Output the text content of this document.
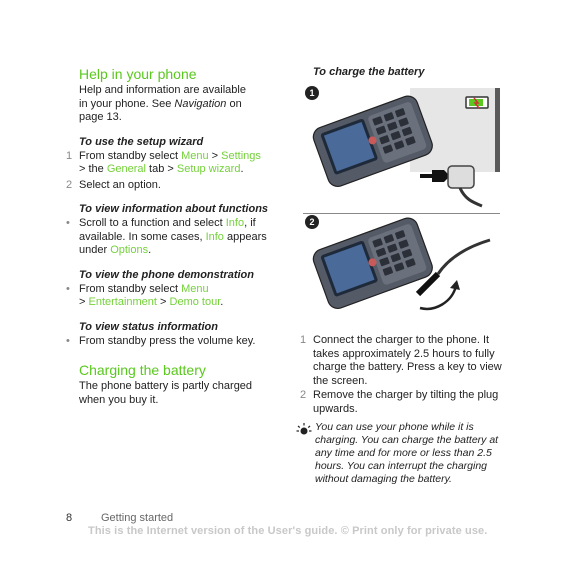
Help in your phone

Help and information are available
in your phone. See Navigation on
page 13.

To use the setup wizard

1 From standby select Menu > Settings
> the General tab > Setup wizard.
2 Select an option.

To view information about functions

• Scroll to a function and select Info, if
available. In some cases, Info appears
under Options.

To view the phone demonstration

• From standby select Menu
> Entertainment > Demo tour.

To view status information

• From standby press the volume key.
Charging the battery

The phone battery is partly charged
when you buy it.

To charge the battery

1
2
1 Connect the charger to the phone. It
takes approximately 2.5 hours to fully
charge the battery. Press a key to view
the screen.
2 Remove the charger by tilting the plug
upwards.
You can use your phone while it is
charging. You can charge the battery at
any time and for more or less than 2.5
hours. You can interrupt the charging
without damaging the battery.
8	Getting started
This is the Internet version of the User's guide. © Print only for private use.
